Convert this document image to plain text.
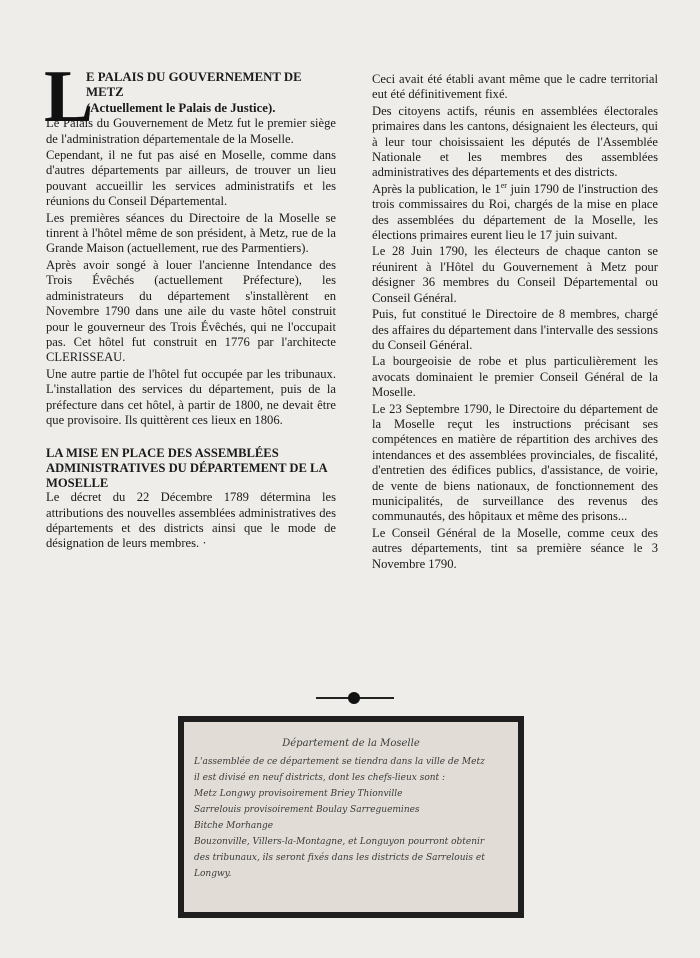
L
E PALAIS DU GOUVERNEMENT DE METZ
(Actuellement le Palais de Justice).

Le Palais du Gouvernement de Metz fut le premier siège de l'administration départementale de la Moselle.

Cependant, il ne fut pas aisé en Moselle, comme dans d'autres départements par ailleurs, de trouver un lieu pouvant accueillir les services administratifs et les réunions du Conseil Départemental.

Les premières séances du Directoire de la Moselle se tinrent à l'hôtel même de son président, à Metz, rue de la Grande Maison (actuellement, rue des Parmentiers).

Après avoir songé à louer l'ancienne Intendance des Trois Évêchés (actuellement Préfecture), les administrateurs du département s'installèrent en Novembre 1790 dans une aile du vaste hôtel construit pour le gouverneur des Trois Évêchés, qui ne l'occupait pas. Cet hôtel fut construit en 1776 par l'architecte CLERISSEAU.

Une autre partie de l'hôtel fut occupée par les tribunaux. L'installation des services du département, puis de la préfecture dans cet hôtel, à partir de 1800, ne devait être que provisoire. Ils quittèrent ces lieux en 1806.

LA MISE EN PLACE DES ASSEMBLÉES ADMINISTRATIVES DU DÉPARTEMENT DE LA MOSELLE

Le décret du 22 Décembre 1789 détermina les attributions des nouvelles assemblées administratives des départements et des districts ainsi que le mode de désignation de leurs membres. ·

Ceci avait été établi avant même que le cadre territorial eut été définitivement fixé.

Des citoyens actifs, réunis en assemblées électorales primaires dans les cantons, désignaient les électeurs, qui à leur tour choisissaient les députés de l'Assemblée Nationale et les membres des assemblées administratives des départements et des districts.

Après la publication, le 1er juin 1790 de l'instruction des trois commissaires du Roi, chargés de la mise en place des assemblées du département de la Moselle, les élections primaires eurent lieu le 17 juin suivant.

Le 28 Juin 1790, les électeurs de chaque canton se réunirent à l'Hôtel du Gouvernement à Metz pour désigner 36 membres du Conseil Départemental ou Conseil Général.

Puis, fut constitué le Directoire de 8 membres, chargé des affaires du département dans l'intervalle des sessions du Conseil Général.

La bourgeoisie de robe et plus particulièrement les avocats dominaient le premier Conseil Général de la Moselle.

Le 23 Septembre 1790, le Directoire du département de la Moselle reçut les instructions précisant ses compétences en matière de répartition des archives des intendances et des assemblées provinciales, de fiscalité, d'entretien des édifices publics, d'assistance, de voirie, de vente de biens nationaux, de fonctionnement des municipalités, de surveillance des revenus des communautés, des hôpitaux et même des prisons...

Le Conseil Général de la Moselle, comme ceux des autres départements, tint sa première séance le 3 Novembre 1790.

Département de la Moselle
L'assemblée de ce département se tiendra dans la ville de Metz
il est divisé en neuf districts, dont les chefs-lieux sont :
Metz Longwy provisoirement Briey Thionville
Sarrelouis provisoirement Boulay Sarreguemines
Bitche Morhange
Bouzonville, Villers-la-Montagne, et Longuyon pourront obtenir
des tribunaux, ils seront fixés dans les districts de Sarrelouis et
Longwy.
